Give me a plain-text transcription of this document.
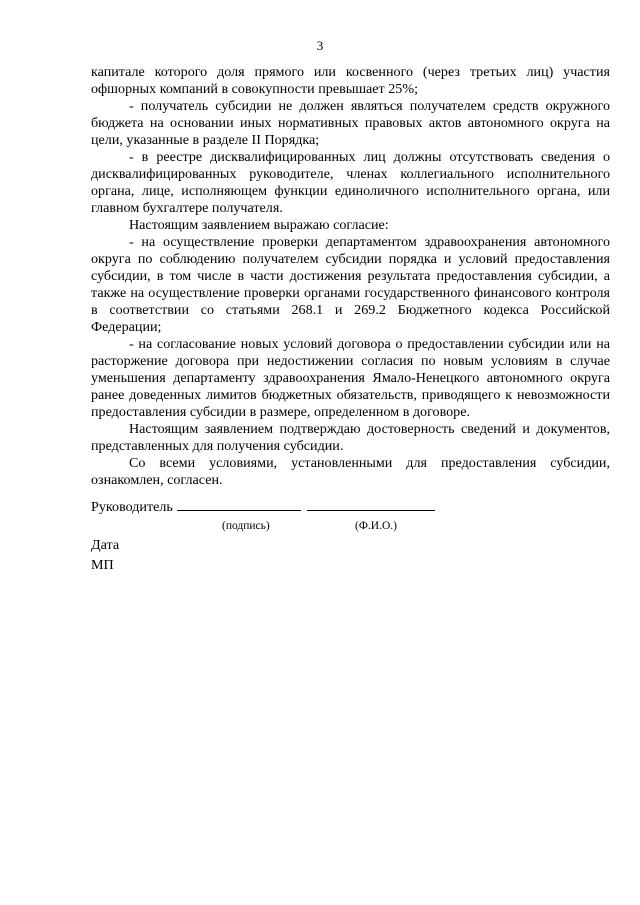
3

капитале которого доля прямого или косвенного (через третьих лиц) участия офшорных компаний в совокупности превышает 25%;

- получатель субсидии не должен являться получателем средств окружного бюджета на основании иных нормативных правовых актов автономного округа на цели, указанные в разделе II Порядка;

- в реестре дисквалифицированных лиц должны отсутствовать сведения о дисквалифицированных руководителе, членах коллегиального исполнительного органа, лице, исполняющем функции единоличного исполнительного органа, или главном бухгалтере получателя.

Настоящим заявлением выражаю согласие:

- на осуществление проверки департаментом здравоохранения автономного округа по соблюдению получателем субсидии порядка и условий предоставления субсидии, в том числе в части достижения результата предоставления субсидии, а также на осуществление проверки органами государственного финансового контроля в соответствии со статьями 268.1 и 269.2 Бюджетного кодекса Российской Федерации;

- на согласование новых условий договора о предоставлении субсидии или на расторжение договора при недостижении согласия по новым условиям в случае уменьшения департаменту здравоохранения Ямало-Ненецкого автономного округа ранее доведенных лимитов бюджетных обязательств, приводящего к невозможности предоставления субсидии в размере, определенном в договоре.

Настоящим заявлением подтверждаю достоверность сведений и документов, представленных для получения субсидии.

Со всеми условиями, установленными для предоставления субсидии, ознакомлен, согласен.

Руководитель
(подпись)	(Ф.И.О.)
Дата
МП
